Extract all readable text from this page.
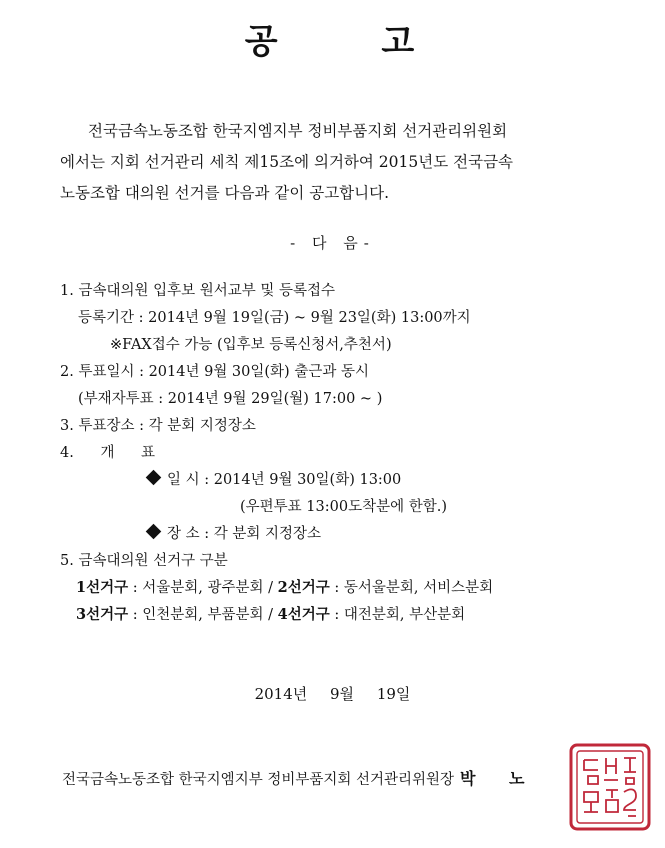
공 고

전국금속노동조합 한국지엠지부 정비부품지회 선거관리위원회

에서는 지회 선거관리 세칙 제15조에 의거하여 2015년도 전국금속

노동조합 대의원 선거를 다음과 같이 공고합니다.

- 다 음-
1. 금속대의원 입후보 원서교부 및 등록접수
등록기간 : 2014년 9월 19일(금) ~ 9월 23일(화) 13:00까지
※FAX접수 가능 (입후보 등록신청서,추천서)
2. 투표일시 : 2014년 9월 30일(화) 출근과 동시
(부재자투표 : 2014년 9월 29일(월) 17:00 ~ )
3. 투표장소 : 각 분회 지정장소
4. 개 표
일 시 : 2014년 9월 30일(화) 13:00
(우편투표 13:00도착분에 한함.)
장 소 : 각 분회 지정장소
5. 금속대의원 선거구 구분
1선거구 : 서울분회, 광주분회 / 2선거구 : 동서울분회, 서비스분회
3선거구 : 인천분회, 부품분회 / 4선거구 : 대전분회, 부산분회
2014년 9월 19일
전국금속노동조합 한국지엠지부 정비부품지회 선거관리위원장 박 노
